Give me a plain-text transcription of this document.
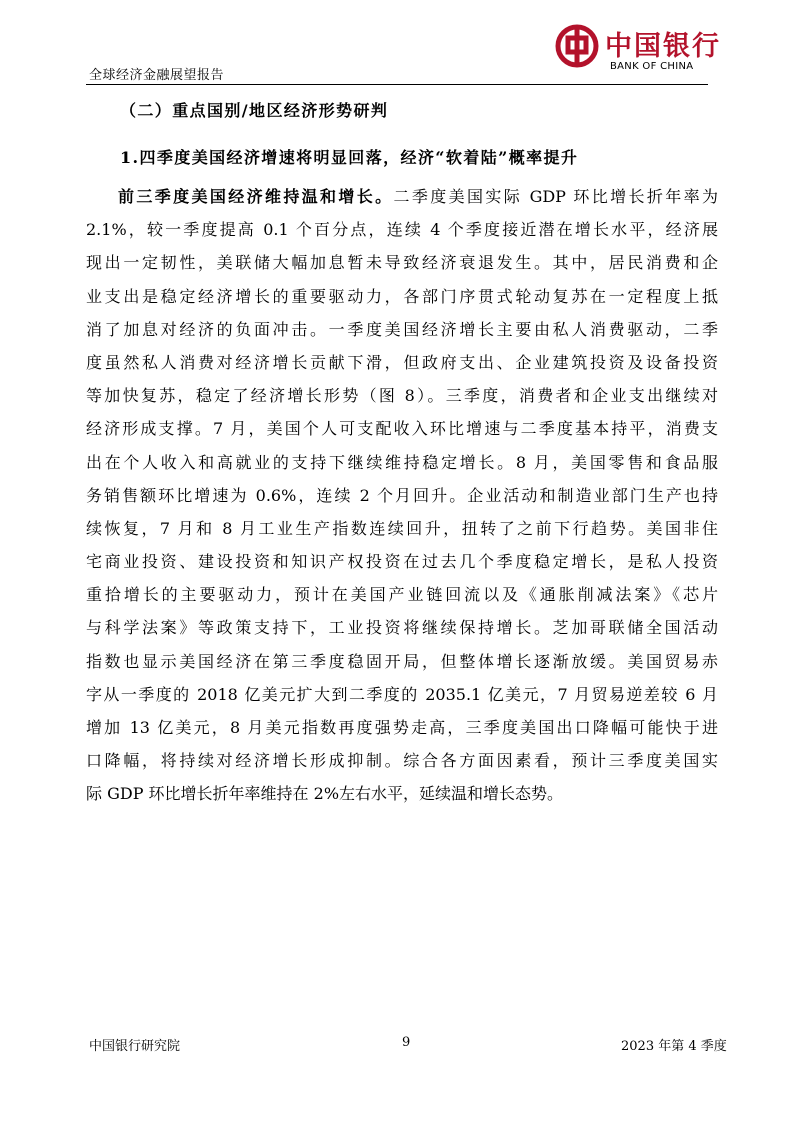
中国银行
BANK OF CHINA
全球经济金融展望报告
（二）重点国别/地区经济形势研判
1.四季度美国经济增速将明显回落，经济“软着陆”概率提升
前三季度美国经济维持温和增长。二季度美国实际 GDP 环比增长折年率为
2.1%，较一季度提高 0.1 个百分点，连续 4 个季度接近潜在增长水平，经济展
现出一定韧性，美联储大幅加息暂未导致经济衰退发生。其中，居民消费和企
业支出是稳定经济增长的重要驱动力，各部门序贯式轮动复苏在一定程度上抵
消了加息对经济的负面冲击。一季度美国经济增长主要由私人消费驱动，二季
度虽然私人消费对经济增长贡献下滑，但政府支出、企业建筑投资及设备投资
等加快复苏，稳定了经济增长形势（图 8）。三季度，消费者和企业支出继续对
经济形成支撑。7 月，美国个人可支配收入环比增速与二季度基本持平，消费支
出在个人收入和高就业的支持下继续维持稳定增长。8 月，美国零售和食品服
务销售额环比增速为 0.6%，连续 2 个月回升。企业活动和制造业部门生产也持
续恢复，7 月和 8 月工业生产指数连续回升，扭转了之前下行趋势。美国非住
宅商业投资、建设投资和知识产权投资在过去几个季度稳定增长，是私人投资
重拾增长的主要驱动力，预计在美国产业链回流以及《通胀削减法案》《芯片
与科学法案》等政策支持下，工业投资将继续保持增长。芝加哥联储全国活动
指数也显示美国经济在第三季度稳固开局，但整体增长逐渐放缓。美国贸易赤
字从一季度的 2018 亿美元扩大到二季度的 2035.1 亿美元，7 月贸易逆差较 6 月
增加 13 亿美元，8 月美元指数再度强势走高，三季度美国出口降幅可能快于进
口降幅，将持续对经济增长形成抑制。综合各方面因素看，预计三季度美国实
际 GDP 环比增长折年率维持在 2%左右水平，延续温和增长态势。
中国银行研究院	9	2023 年第 4 季度
